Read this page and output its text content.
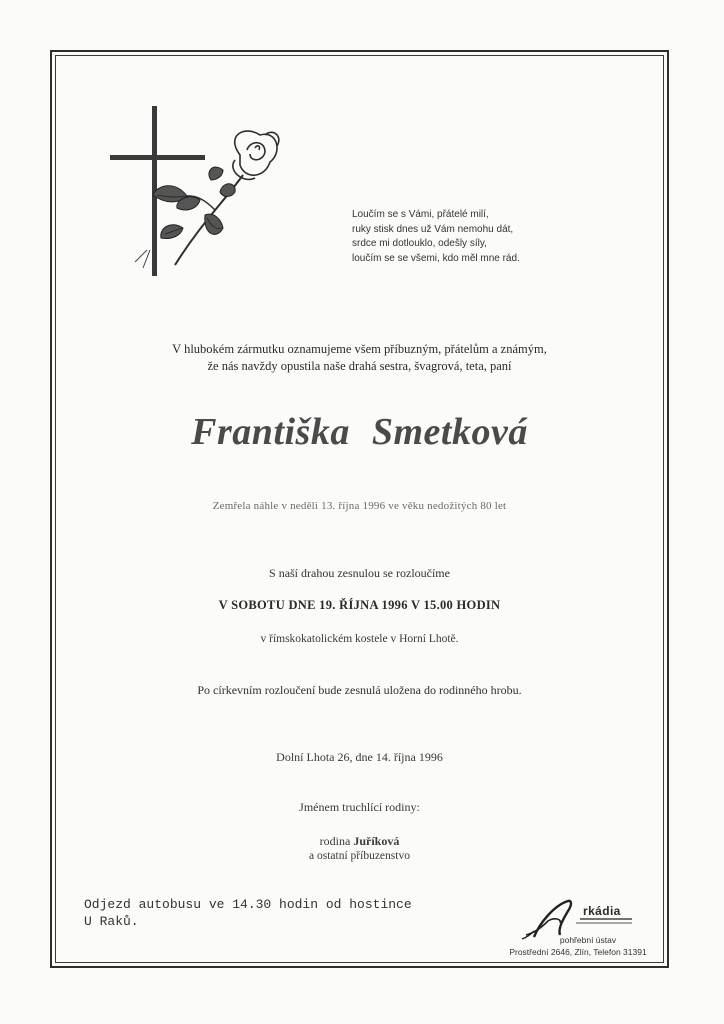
Loučím se s Vámi, přátelé milí,
ruky stisk dnes už Vám nemohu dát,
srdce mi dotlouklo, odešly síly,
loučím se se všemi, kdo měl mne rád.
V hlubokém zármutku oznamujeme všem příbuzným, přátelům a známým,
že nás navždy opustila naše drahá sestra, švagrová, teta, paní
Františka Smetková
Zemřela náhle v neděli 13. října 1996 ve věku nedožitých 80 let
S naší drahou zesnulou se rozloučíme
V SOBOTU DNE 19. ŘÍJNA 1996 V 15.00 HODIN
v římskokatolickém kostele v Horní Lhotě.
Po církevním rozloučení bude zesnulá uložena do rodinného hrobu.
Dolní Lhota 26, dne 14. října 1996
Jménem truchlící rodiny:
rodina Juříková
a ostatní příbuzenstvo
Odjezd autobusu ve 14.30 hodin od hostince
U Raků.
rkádia
pohřební ústav
Prostřední 2646, Zlín, Telefon 31391
